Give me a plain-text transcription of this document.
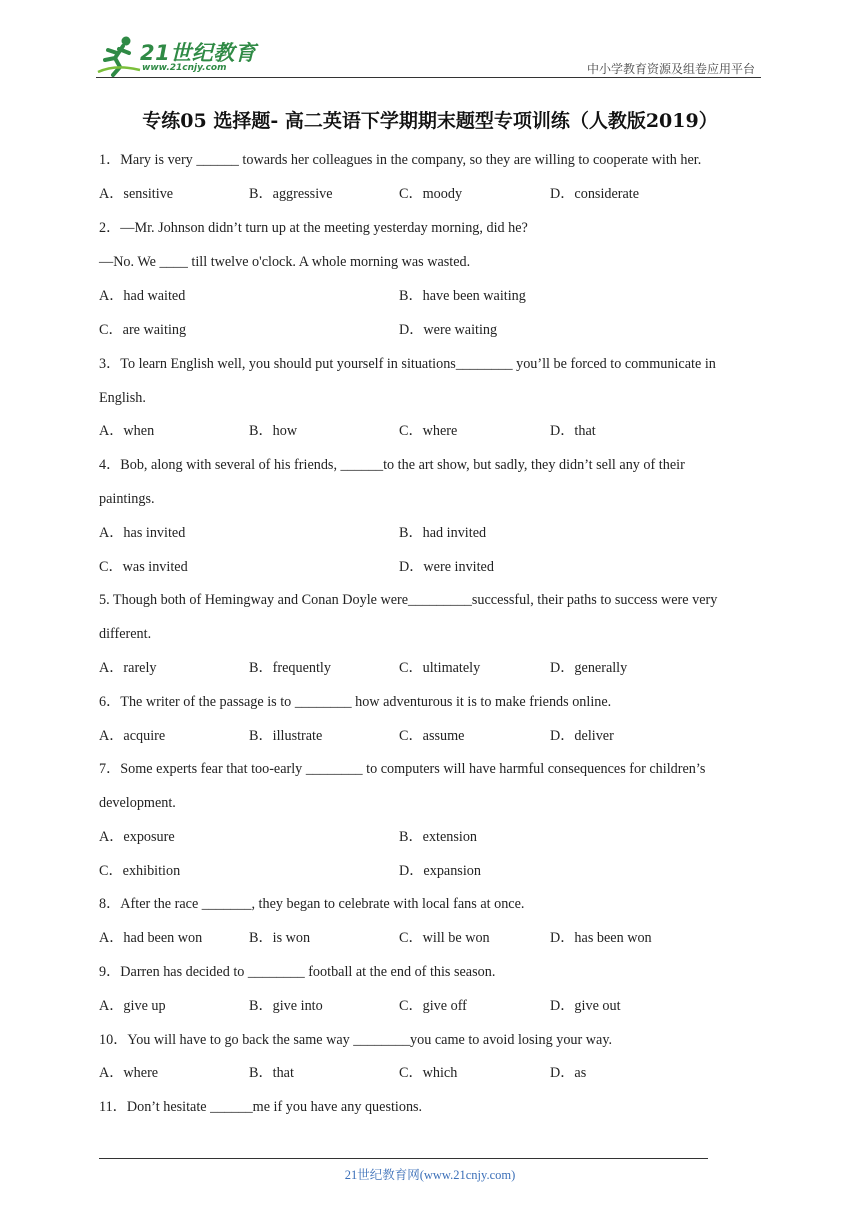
21世纪教育
www.21cnjy.com	中小学教育资源及组卷应用平台
专练05 选择题- 高二英语下学期期末题型专项训练（人教版2019）
1．Mary is very ______ towards her colleagues in the company, so they are willing to cooperate with her.
A．sensitive	B．aggressive	C．moody	D．considerate
2．—Mr. Johnson didn’t turn up at the meeting yesterday morning, did he?
—No. We ____ till twelve o'clock. A whole morning was wasted.
A．had waited	B．have been waiting
C．are waiting	D．were waiting
3．To learn English well, you should put yourself in situations________ you’ll be forced to communicate in
English.
A．when	B．how	C．where	D．that
4．Bob, along with several of his friends, ______to the art show, but sadly, they didn’t sell any of their
paintings.
A．has invited	B．had invited
C．was invited	D．were invited
5. Though both of Hemingway and Conan Doyle were_________successful, their paths to success were very
different.
A．rarely	B．frequently	C．ultimately	D．generally
6．The writer of the passage is to ________ how adventurous it is to make friends online.
A．acquire	B．illustrate	C．assume	D．deliver
7．Some experts fear that too-early ________ to computers will have harmful consequences for children’s
development.
A．exposure	B．extension
C．exhibition	D．expansion
8．After the race _______, they began to celebrate with local fans at once.
A．had been won	B．is won	C．will be won	D．has been won
9．Darren has decided to ________ football at the end of this season.
A．give up	B．give into	C．give off	D．give out
10．You will have to go back the same way ________you came to avoid losing your way.
A．where	B．that	C．which	D．as
11．Don’t hesitate ______me if you have any questions.
21世纪教育网(www.21cnjy.com)
